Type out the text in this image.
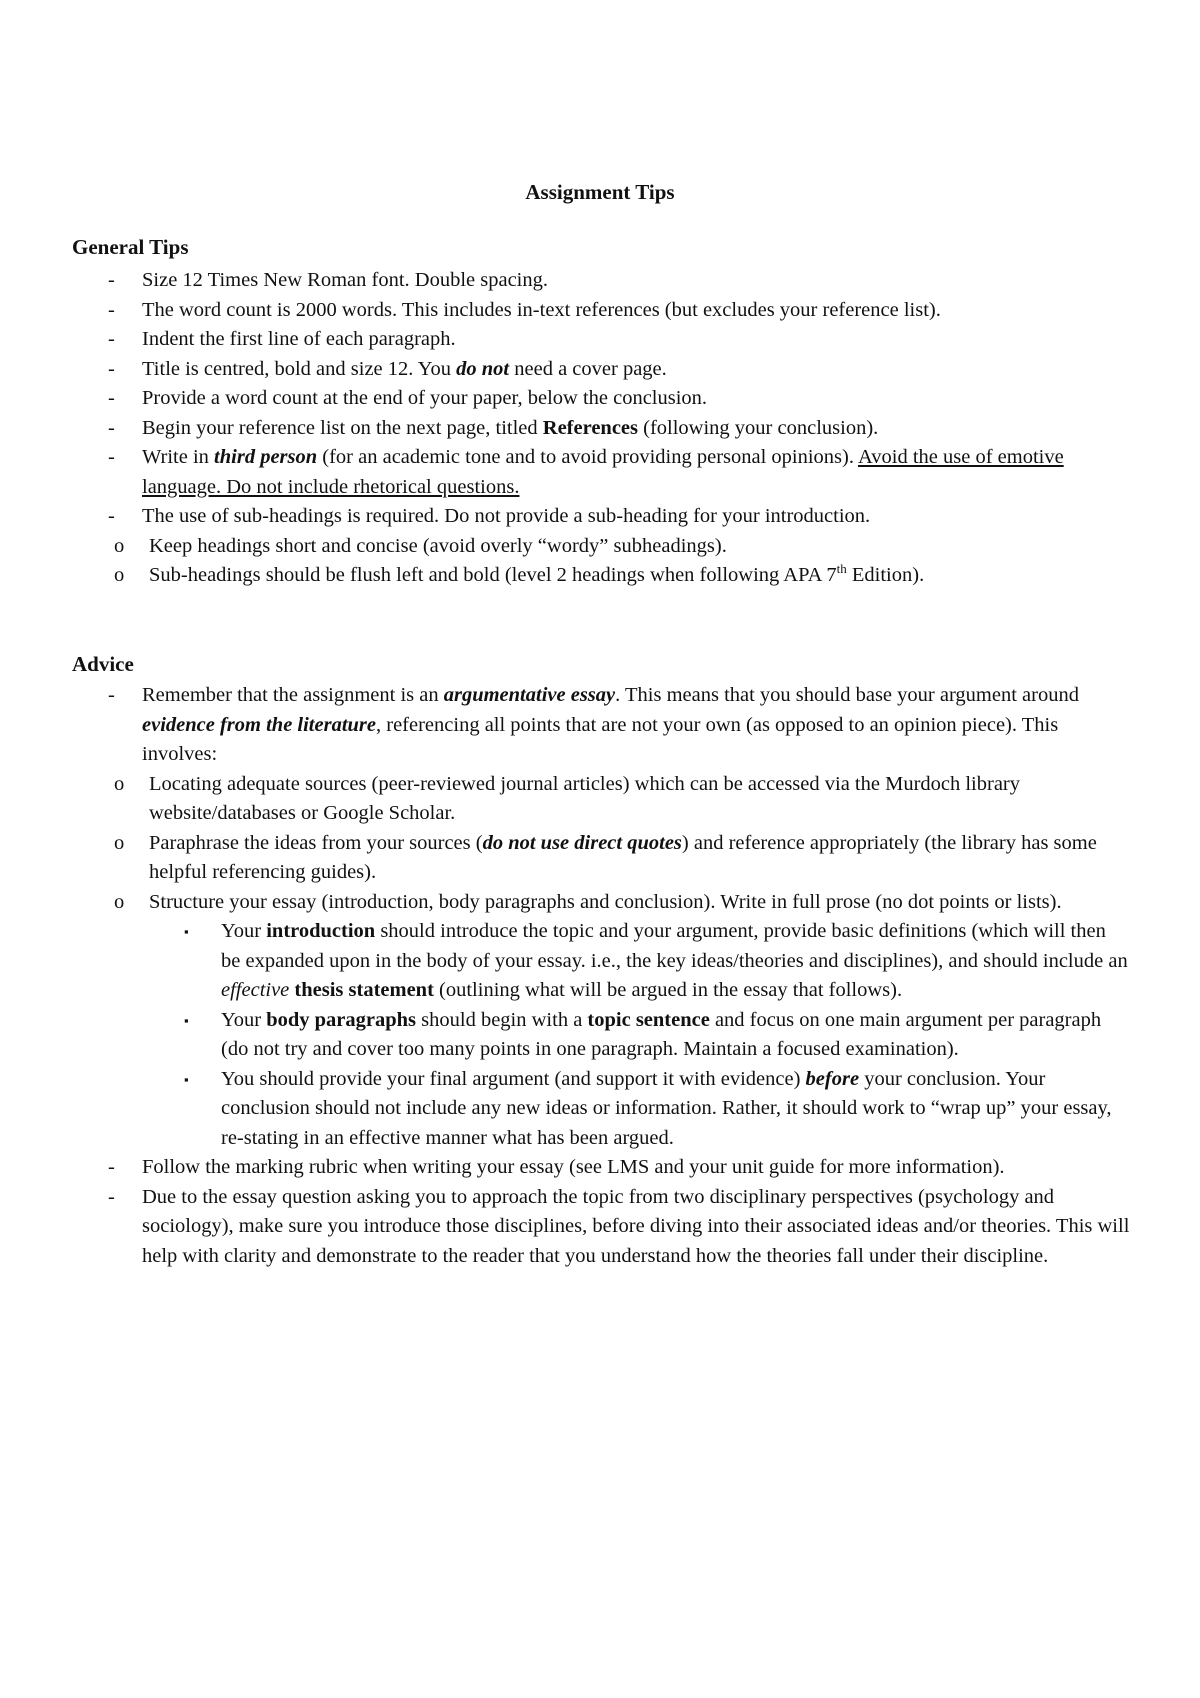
Assignment Tips
General Tips
- Size 12 Times New Roman font. Double spacing.
- The word count is 2000 words. This includes in-text references (but excludes your reference list).
- Indent the first line of each paragraph.
- Title is centred, bold and size 12. You do not need a cover page.
- Provide a word count at the end of your paper, below the conclusion.
- Begin your reference list on the next page, titled References (following your conclusion).
- Write in third person (for an academic tone and to avoid providing personal opinions). Avoid the use of emotive language. Do not include rhetorical questions.
- The use of sub-headings is required. Do not provide a sub-heading for your introduction.
o Keep headings short and concise (avoid overly “wordy” subheadings).
o Sub-headings should be flush left and bold (level 2 headings when following APA 7th Edition).
Advice
- Remember that the assignment is an argumentative essay. This means that you should base your argument around evidence from the literature, referencing all points that are not your own (as opposed to an opinion piece). This involves:
o Locating adequate sources (peer-reviewed journal articles) which can be accessed via the Murdoch library website/databases or Google Scholar.
o Paraphrase the ideas from your sources (do not use direct quotes) and reference appropriately (the library has some helpful referencing guides).
o Structure your essay (introduction, body paragraphs and conclusion). Write in full prose (no dot points or lists).
▪ Your introduction should introduce the topic and your argument, provide basic definitions (which will then be expanded upon in the body of your essay. i.e., the key ideas/theories and disciplines), and should include an effective thesis statement (outlining what will be argued in the essay that follows).
▪ Your body paragraphs should begin with a topic sentence and focus on one main argument per paragraph (do not try and cover too many points in one paragraph. Maintain a focused examination).
▪ You should provide your final argument (and support it with evidence) before your conclusion. Your conclusion should not include any new ideas or information. Rather, it should work to “wrap up” your essay, re-stating in an effective manner what has been argued.
- Follow the marking rubric when writing your essay (see LMS and your unit guide for more information).
- Due to the essay question asking you to approach the topic from two disciplinary perspectives (psychology and sociology), make sure you introduce those disciplines, before diving into their associated ideas and/or theories. This will help with clarity and demonstrate to the reader that you understand how the theories fall under their discipline.
